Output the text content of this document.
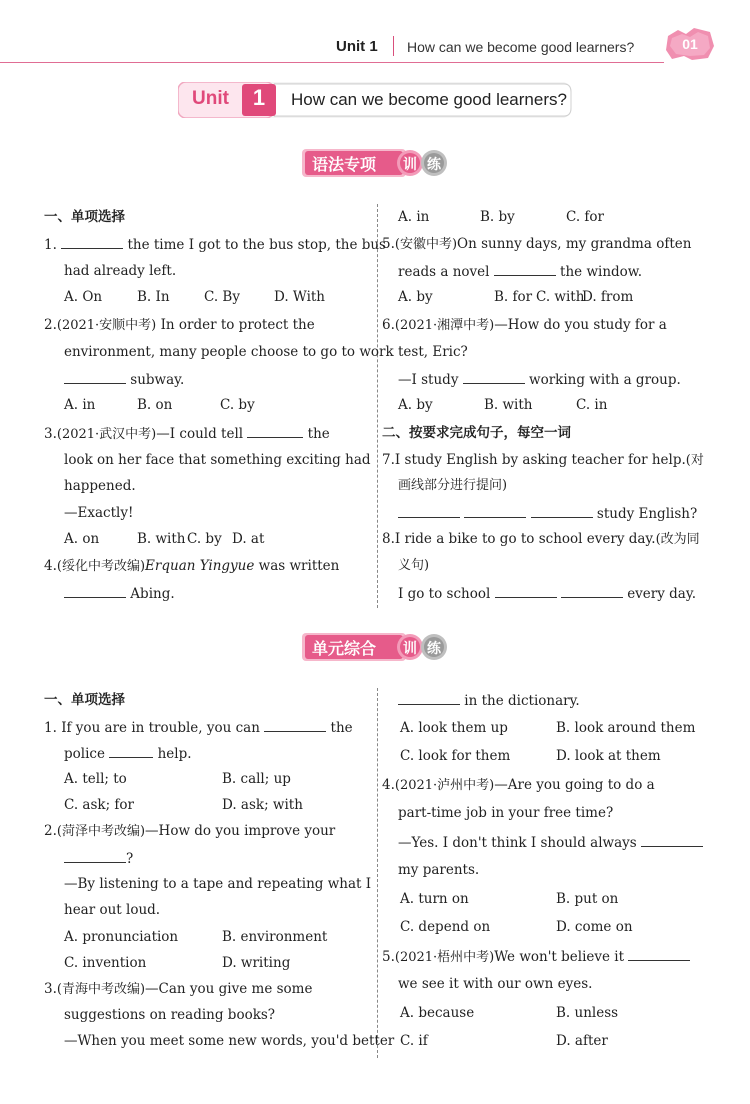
Unit 1 How can we become good learners?	01
Unit	1	How can we become good learners?
语法专项 训 练
一、单项选择
1.	the time I got to the bus stop, the bus
had already left.
A. On	B. In	C. By	D. With
2.(2021·安顺中考) In order to protect the
environment, many people choose to go to work
subway.
A. in	B. on	C. by
3.(2021·武汉中考)—I could tell	the
look on her face that something exciting had
happened.
—Exactly!
A. on	B. with C. by D. at
4.(绥化中考改编)Erquan Yingyue was written
Abing.
A. in	B. by	C. for
5.(安徽中考)On sunny days, my grandma often
reads a novel	the window.
A. by	B. for C. with
D. from
6.(2021·湘潭中考)—How do you study for a
test, Eric?
—I study	working with a group.
A. by	B. with	C. in
二、按要求完成句子，每空一词
7.I study English by asking teacher for help.(对
画线部分进行提问)
study English?
8.I ride a bike to go to school every day.(改为同
义句)
I go to school	every day.
单元综合 训 练
一、单项选择
1. If you are in trouble, you can	the
police	help.
A. tell; to	B. call; up
C. ask; for	D. ask; with
2.(菏泽中考改编)—How do you improve your
?
—By listening to a tape and repeating what I
hear out loud.
A. pronunciation	B. environment
C. invention	D. writing
3.(青海中考改编)—Can you give me some
suggestions on reading books?
—When you meet some new words, you'd better
in the dictionary.
A. look them up	B. look around them
C. look for them	D. look at them
4.(2021·泸州中考)—Are you going to do a
part-time job in your free time?
—Yes. I don't think I should always
my parents.
A. turn on	B. put on
C. depend on	D. come on
5.(2021·梧州中考)We won't believe it
we see it with our own eyes.
A. because	B. unless
C. if	D. after
